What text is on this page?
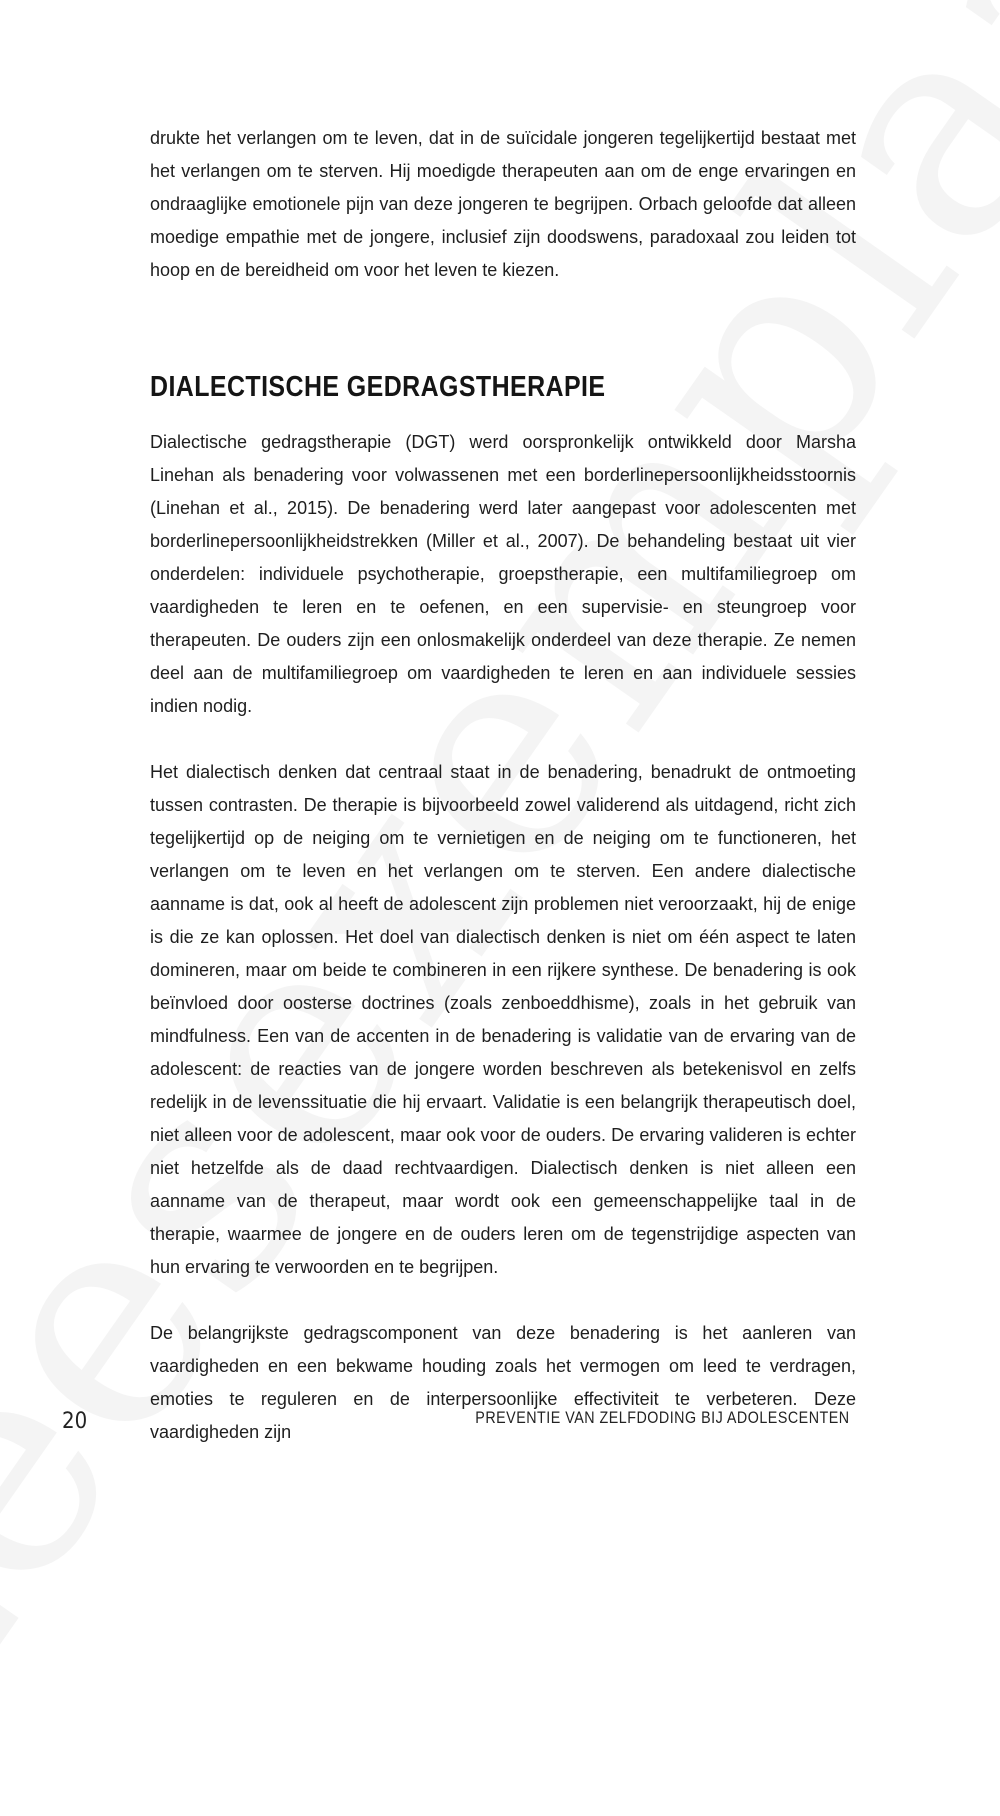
drukte het verlangen om te leven, dat in de suïcidale jongeren tegelijkertijd bestaat met het verlangen om te sterven. Hij moedigde therapeuten aan om de enge ervaringen en ondraaglijke emotionele pijn van deze jongeren te begrijpen. Orbach geloofde dat alleen moedige empathie met de jongere, inclusief zijn doodswens, paradoxaal zou leiden tot hoop en de bereidheid om voor het leven te kiezen.

DIALECTISCHE GEDRAGSTHERAPIE

Dialectische gedragstherapie (DGT) werd oorspronkelijk ontwikkeld door Marsha Linehan als benadering voor volwassenen met een borderlinepersoonlijkheidsstoornis (Linehan et al., 2015). De benadering werd later aangepast voor adolescenten met borderlinepersoonlijkheidstrekken (Miller et al., 2007). De behandeling bestaat uit vier onderdelen: individuele psychotherapie, groepstherapie, een multifamiliegroep om vaardigheden te leren en te oefenen, en een supervisie- en steungroep voor therapeuten. De ouders zijn een onlosmakelijk onderdeel van deze therapie. Ze nemen deel aan de multifamiliegroep om vaardigheden te leren en aan individuele sessies indien nodig.

Het dialectisch denken dat centraal staat in de benadering, benadrukt de ontmoeting tussen contrasten. De therapie is bijvoorbeeld zowel validerend als uitdagend, richt zich tegelijkertijd op de neiging om te vernietigen en de neiging om te functioneren, het verlangen om te leven en het verlangen om te sterven. Een andere dialectische aanname is dat, ook al heeft de adolescent zijn problemen niet veroorzaakt, hij de enige is die ze kan oplossen. Het doel van dialectisch denken is niet om één aspect te laten domineren, maar om beide te combineren in een rijkere synthese. De benadering is ook beïnvloed door oosterse doctrines (zoals zenboeddhisme), zoals in het gebruik van mindfulness. Een van de accenten in de benadering is validatie van de ervaring van de adolescent: de reacties van de jongere worden beschreven als betekenisvol en zelfs redelijk in de levenssituatie die hij ervaart. Validatie is een belangrijk therapeutisch doel, niet alleen voor de adolescent, maar ook voor de ouders. De ervaring valideren is echter niet hetzelfde als de daad rechtvaardigen. Dialectisch denken is niet alleen een aanname van de therapeut, maar wordt ook een gemeenschappelijke taal in de therapie, waarmee de jongere en de ouders leren om de tegenstrijdige aspecten van hun ervaring te verwoorden en te begrijpen.

De belangrijkste gedragscomponent van deze benadering is het aanleren van vaardigheden en een bekwame houding zoals het vermogen om leed te verdragen, emoties te reguleren en de interpersoonlijke effectiviteit te verbeteren. Deze vaardigheden zijn

20	PREVENTIE VAN ZELFDODING BIJ ADOLESCENTEN
